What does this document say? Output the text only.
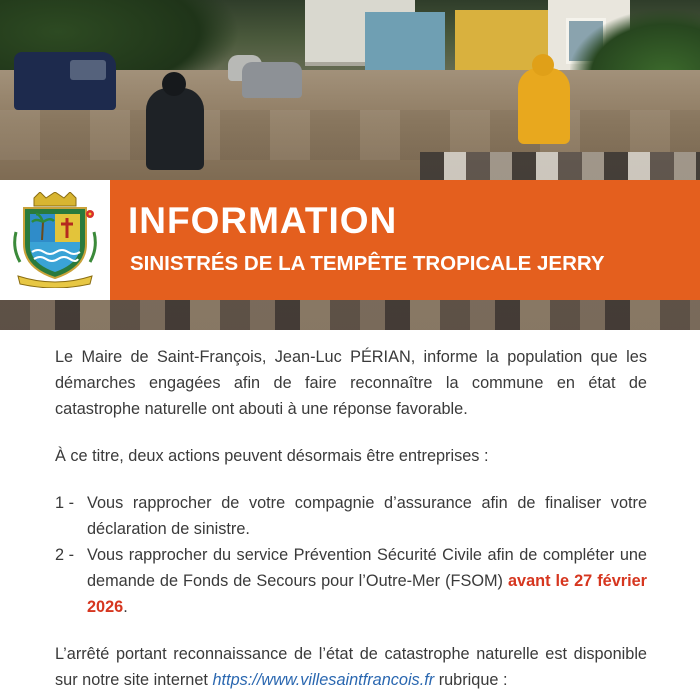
INFORMATION
SINISTRÉS DE LA TEMPÊTE TROPICALE JERRY

Le Maire de Saint-François, Jean-Luc PÉRIAN, informe la population que les démarches engagées afin de faire reconnaître la commune en état de catastrophe naturelle ont abouti à une réponse favorable.

À ce titre, deux actions peuvent désormais être entreprises :

1 - Vous rapprocher de votre compagnie d’assurance afin de finaliser votre déclaration de sinistre.
2 - Vous rapprocher du service Prévention Sécurité Civile afin de compléter une demande de Fonds de Secours pour l’Outre-Mer (FSOM) avant le 27 février 2026.

L’arrêté portant reconnaissance de l’état de catastrophe naturelle est disponible sur notre site internet https://www.villesaintfrancois.fr rubrique :
